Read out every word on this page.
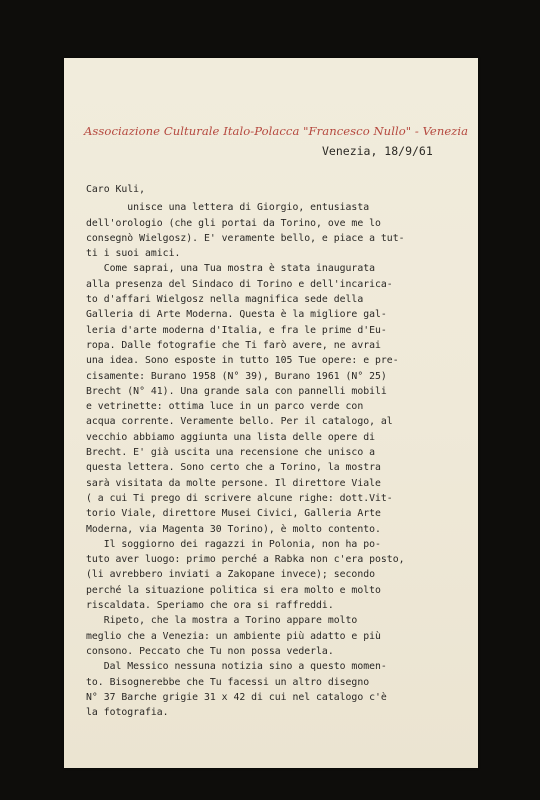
Associazione Culturale Italo-Polacca "Francesco Nullo" - Venezia
Venezia, 18/9/61
Caro Kuli,
unisce una lettera di Giorgio, entusiasta
dell'orologio (che gli portai da Torino, ove me lo
consegnò Wielgosz). E' veramente bello, e piace a tut-
ti i suoi amici.
Come saprai, una Tua mostra è stata inaugurata
alla presenza del Sindaco di Torino e dell'incarica-
to d'affari Wielgosz nella magnifica sede della
Galleria di Arte Moderna. Questa è la migliore gal-
leria d'arte moderna d'Italia, e fra le prime d'Eu-
ropa. Dalle fotografie che Ti farò avere, ne avrai
una idea. Sono esposte in tutto 105 Tue opere: e pre-
cisamente: Burano 1958 (N° 39), Burano 1961 (N° 25)
Brecht (N° 41). Una grande sala con pannelli mobili
e vetrinette: ottima luce in un parco verde con
acqua corrente. Veramente bello. Per il catalogo, al
vecchio abbiamo aggiunta una lista delle opere di
Brecht. E' già uscita una recensione che unisco a
questa lettera. Sono certo che a Torino, la mostra
sarà visitata da molte persone. Il direttore Viale
( a cui Ti prego di scrivere alcune righe: dott.Vit-
torio Viale, direttore Musei Civici, Galleria Arte
Moderna, via Magenta 30 Torino), è molto contento.
Il soggiorno dei ragazzi in Polonia, non ha po-
tuto aver luogo: primo perché a Rabka non c'era posto,
(li avrebbero inviati a Zakopane invece); secondo
perché la situazione politica si era molto e molto
riscaldata. Speriamo che ora si raffreddi.
Ripeto, che la mostra a Torino appare molto
meglio che a Venezia: un ambiente più adatto e più
consono. Peccato che Tu non possa vederla.
Dal Messico nessuna notizia sino a questo momen-
to. Bisognerebbe che Tu facessi un altro disegno
N° 37 Barche grigie 31 x 42 di cui nel catalogo c'è
la fotografia.
